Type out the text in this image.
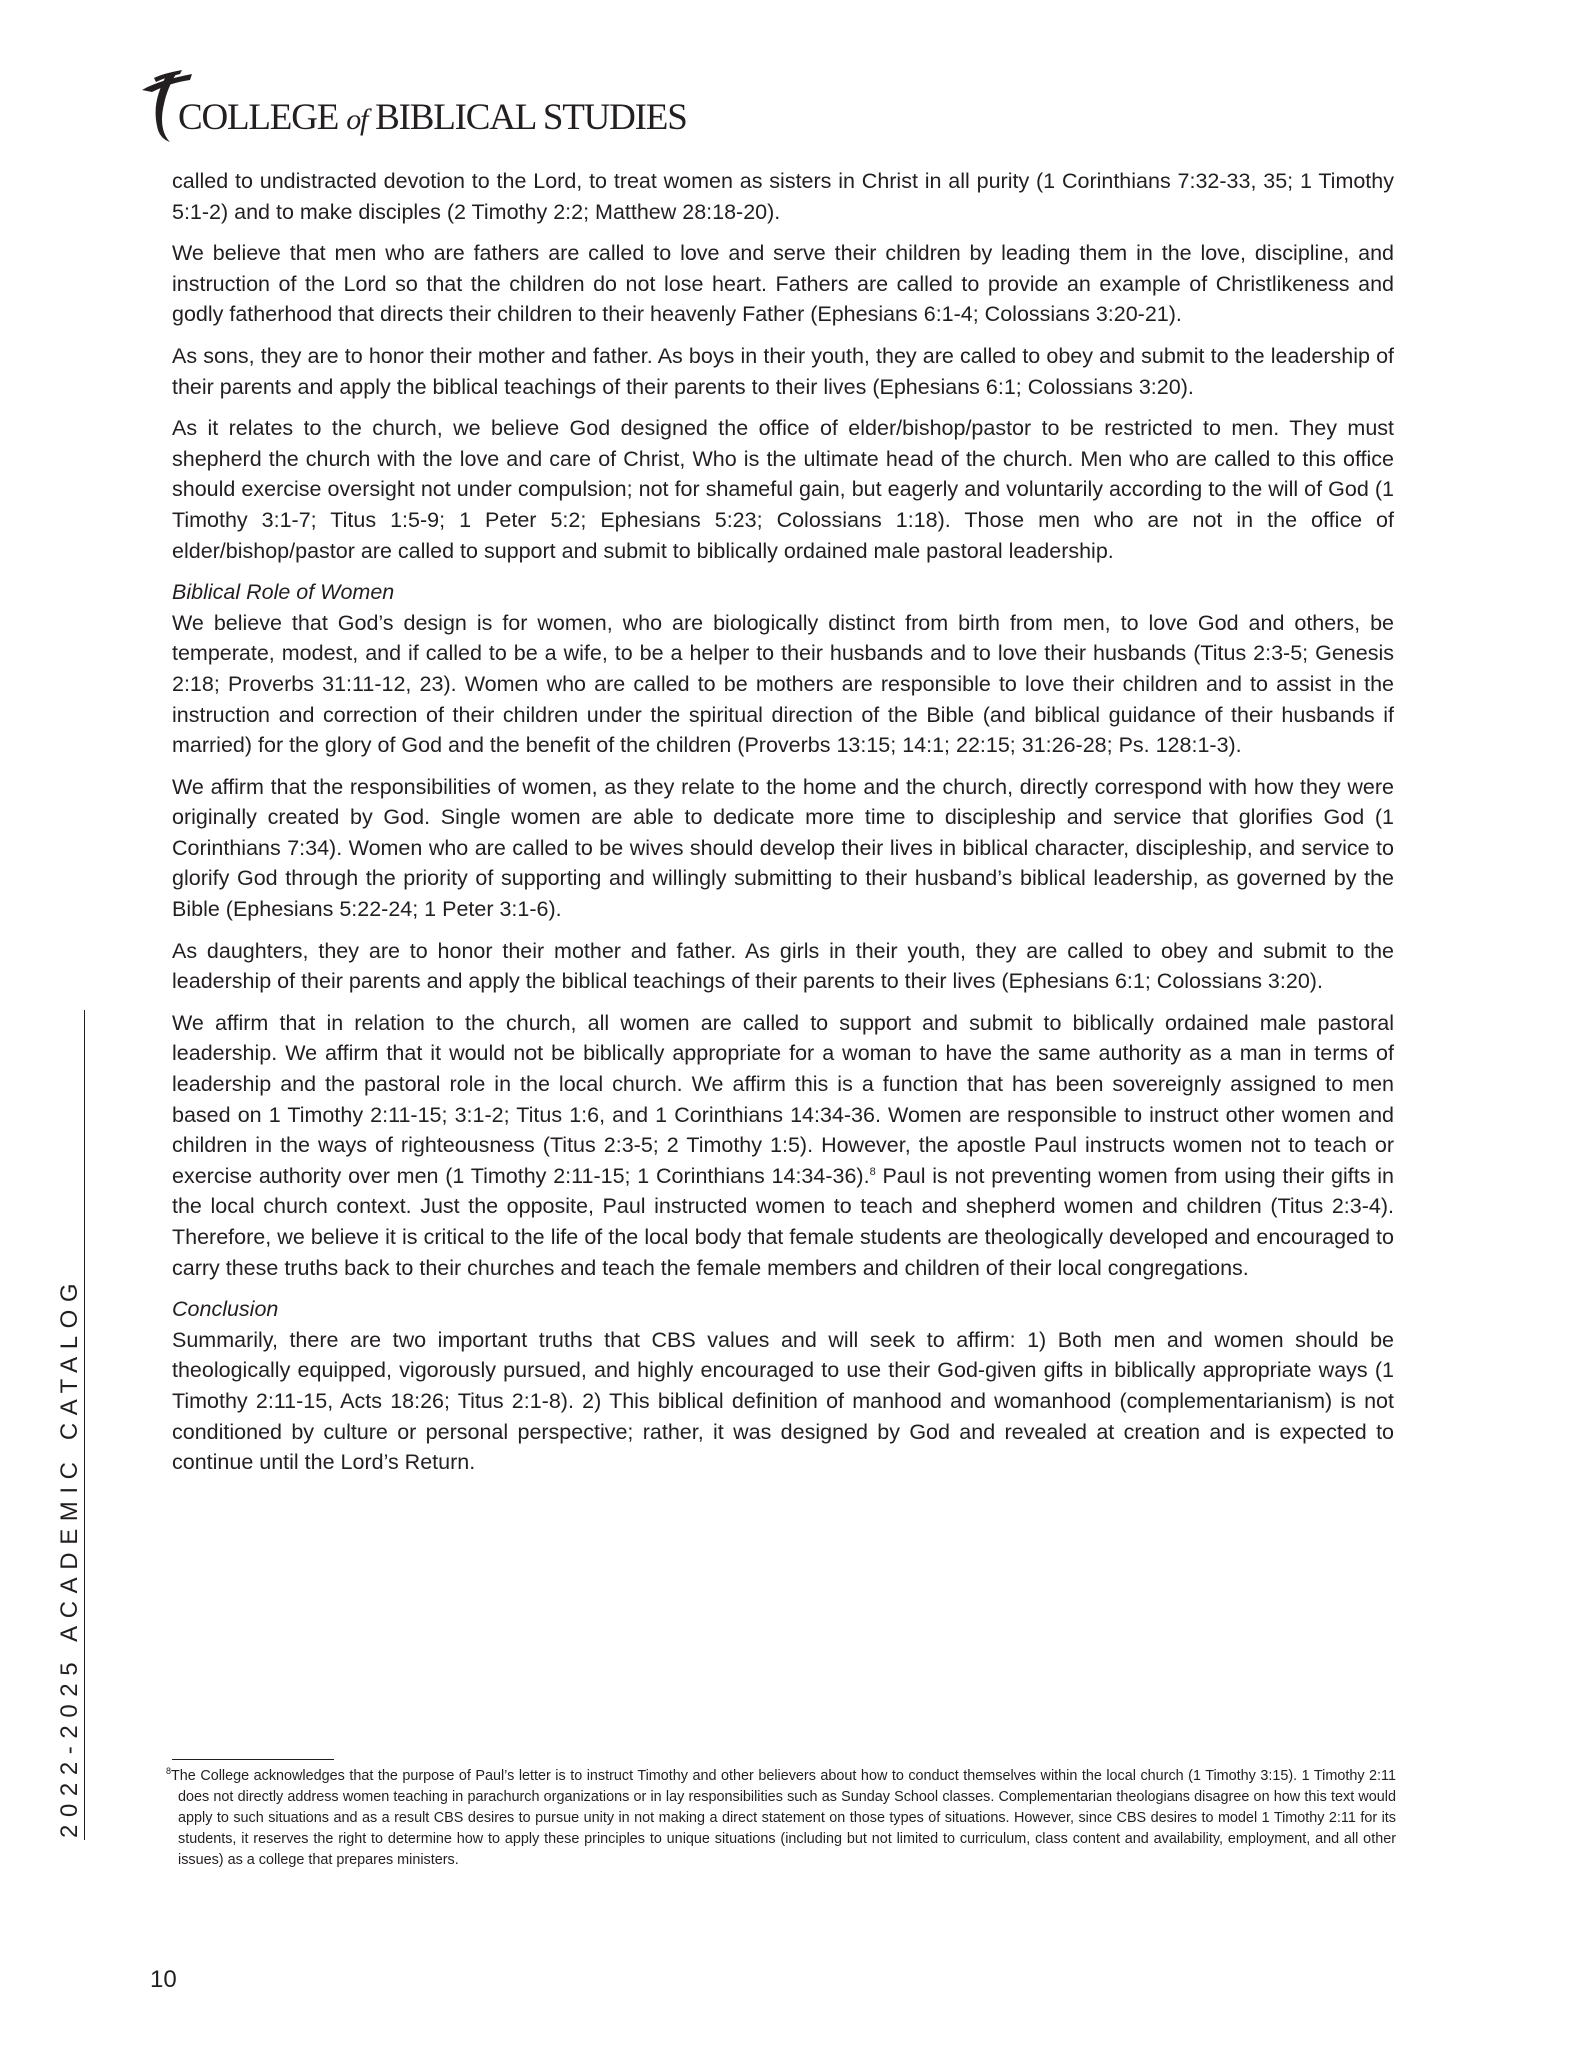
COLLEGE of BIBLICAL STUDIES

called to undistracted devotion to the Lord, to treat women as sisters in Christ in all purity (1 Corinthians 7:32-33, 35; 1 Timothy 5:1-2) and to make disciples (2 Timothy 2:2; Matthew 28:18-20).

We believe that men who are fathers are called to love and serve their children by leading them in the love, discipline, and instruction of the Lord so that the children do not lose heart. Fathers are called to provide an example of Christlikeness and godly fatherhood that directs their children to their heavenly Father (Ephesians 6:1-4; Colossians 3:20-21).

As sons, they are to honor their mother and father. As boys in their youth, they are called to obey and submit to the leadership of their parents and apply the biblical teachings of their parents to their lives (Ephesians 6:1; Colossians 3:20).

As it relates to the church, we believe God designed the office of elder/bishop/pastor to be restricted to men. They must shepherd the church with the love and care of Christ, Who is the ultimate head of the church. Men who are called to this office should exercise oversight not under compulsion; not for shameful gain, but eagerly and voluntarily according to the will of God (1 Timothy 3:1-7; Titus 1:5-9; 1 Peter 5:2; Ephesians 5:23; Colossians 1:18). Those men who are not in the office of elder/bishop/pastor are called to support and submit to biblically ordained male pastoral leadership.

Biblical Role of Women

We believe that God’s design is for women, who are biologically distinct from birth from men, to love God and others, be temperate, modest, and if called to be a wife, to be a helper to their husbands and to love their husbands (Titus 2:3-5; Genesis 2:18; Proverbs 31:11-12, 23). Women who are called to be mothers are responsible to love their children and to assist in the instruction and correction of their children under the spiritual direction of the Bible (and biblical guidance of their husbands if married) for the glory of God and the benefit of the children (Proverbs 13:15; 14:1; 22:15; 31:26-28; Ps. 128:1-3).

We affirm that the responsibilities of women, as they relate to the home and the church, directly correspond with how they were originally created by God. Single women are able to dedicate more time to discipleship and service that glorifies God (1 Corinthians 7:34). Women who are called to be wives should develop their lives in biblical character, discipleship, and service to glorify God through the priority of supporting and willingly submitting to their husband’s biblical leadership, as governed by the Bible (Ephesians 5:22-24; 1 Peter 3:1-6).

As daughters, they are to honor their mother and father. As girls in their youth, they are called to obey and submit to the leadership of their parents and apply the biblical teachings of their parents to their lives (Ephesians 6:1; Colossians 3:20).

We affirm that in relation to the church, all women are called to support and submit to biblically ordained male pastoral leadership. We affirm that it would not be biblically appropriate for a woman to have the same authority as a man in terms of leadership and the pastoral role in the local church. We affirm this is a function that has been sovereignly assigned to men based on 1 Timothy 2:11-15; 3:1-2; Titus 1:6, and 1 Corinthians 14:34-36. Women are responsible to instruct other women and children in the ways of righteousness (Titus 2:3-5; 2 Timothy 1:5). However, the apostle Paul instructs women not to teach or exercise authority over men (1 Timothy 2:11-15; 1 Corinthians 14:34-36).$^8$ Paul is not preventing women from using their gifts in the local church context. Just the opposite, Paul instructed women to teach and shepherd women and children (Titus 2:3-4). Therefore, we believe it is critical to the life of the local body that female students are theologically developed and encouraged to carry these truths back to their churches and teach the female members and children of their local congregations.

Conclusion

Summarily, there are two important truths that CBS values and will seek to affirm: 1) Both men and women should be theologically equipped, vigorously pursued, and highly encouraged to use their God-given gifts in biblically appropriate ways (1 Timothy 2:11-15, Acts 18:26; Titus 2:1-8). 2) This biblical definition of manhood and womanhood (complementarianism) is not conditioned by culture or personal perspective; rather, it was designed by God and revealed at creation and is expected to continue until the Lord’s Return.

$^8$The College acknowledges that the purpose of Paul’s letter is to instruct Timothy and other believers about how to conduct themselves within the local church (1 Timothy 3:15). 1 Timothy 2:11 does not directly address women teaching in parachurch organizations or in lay responsibilities such as Sunday School classes. Complementarian theologians disagree on how this text would apply to such situations and as a result CBS desires to pursue unity in not making a direct statement on those types of situations. However, since CBS desires to model 1 Timothy 2:11 for its students, it reserves the right to determine how to apply these principles to unique situations (including but not limited to curriculum, class content and availability, employment, and all other issues) as a college that prepares ministers.
2022-2025 ACADEMIC CATALOG
10
